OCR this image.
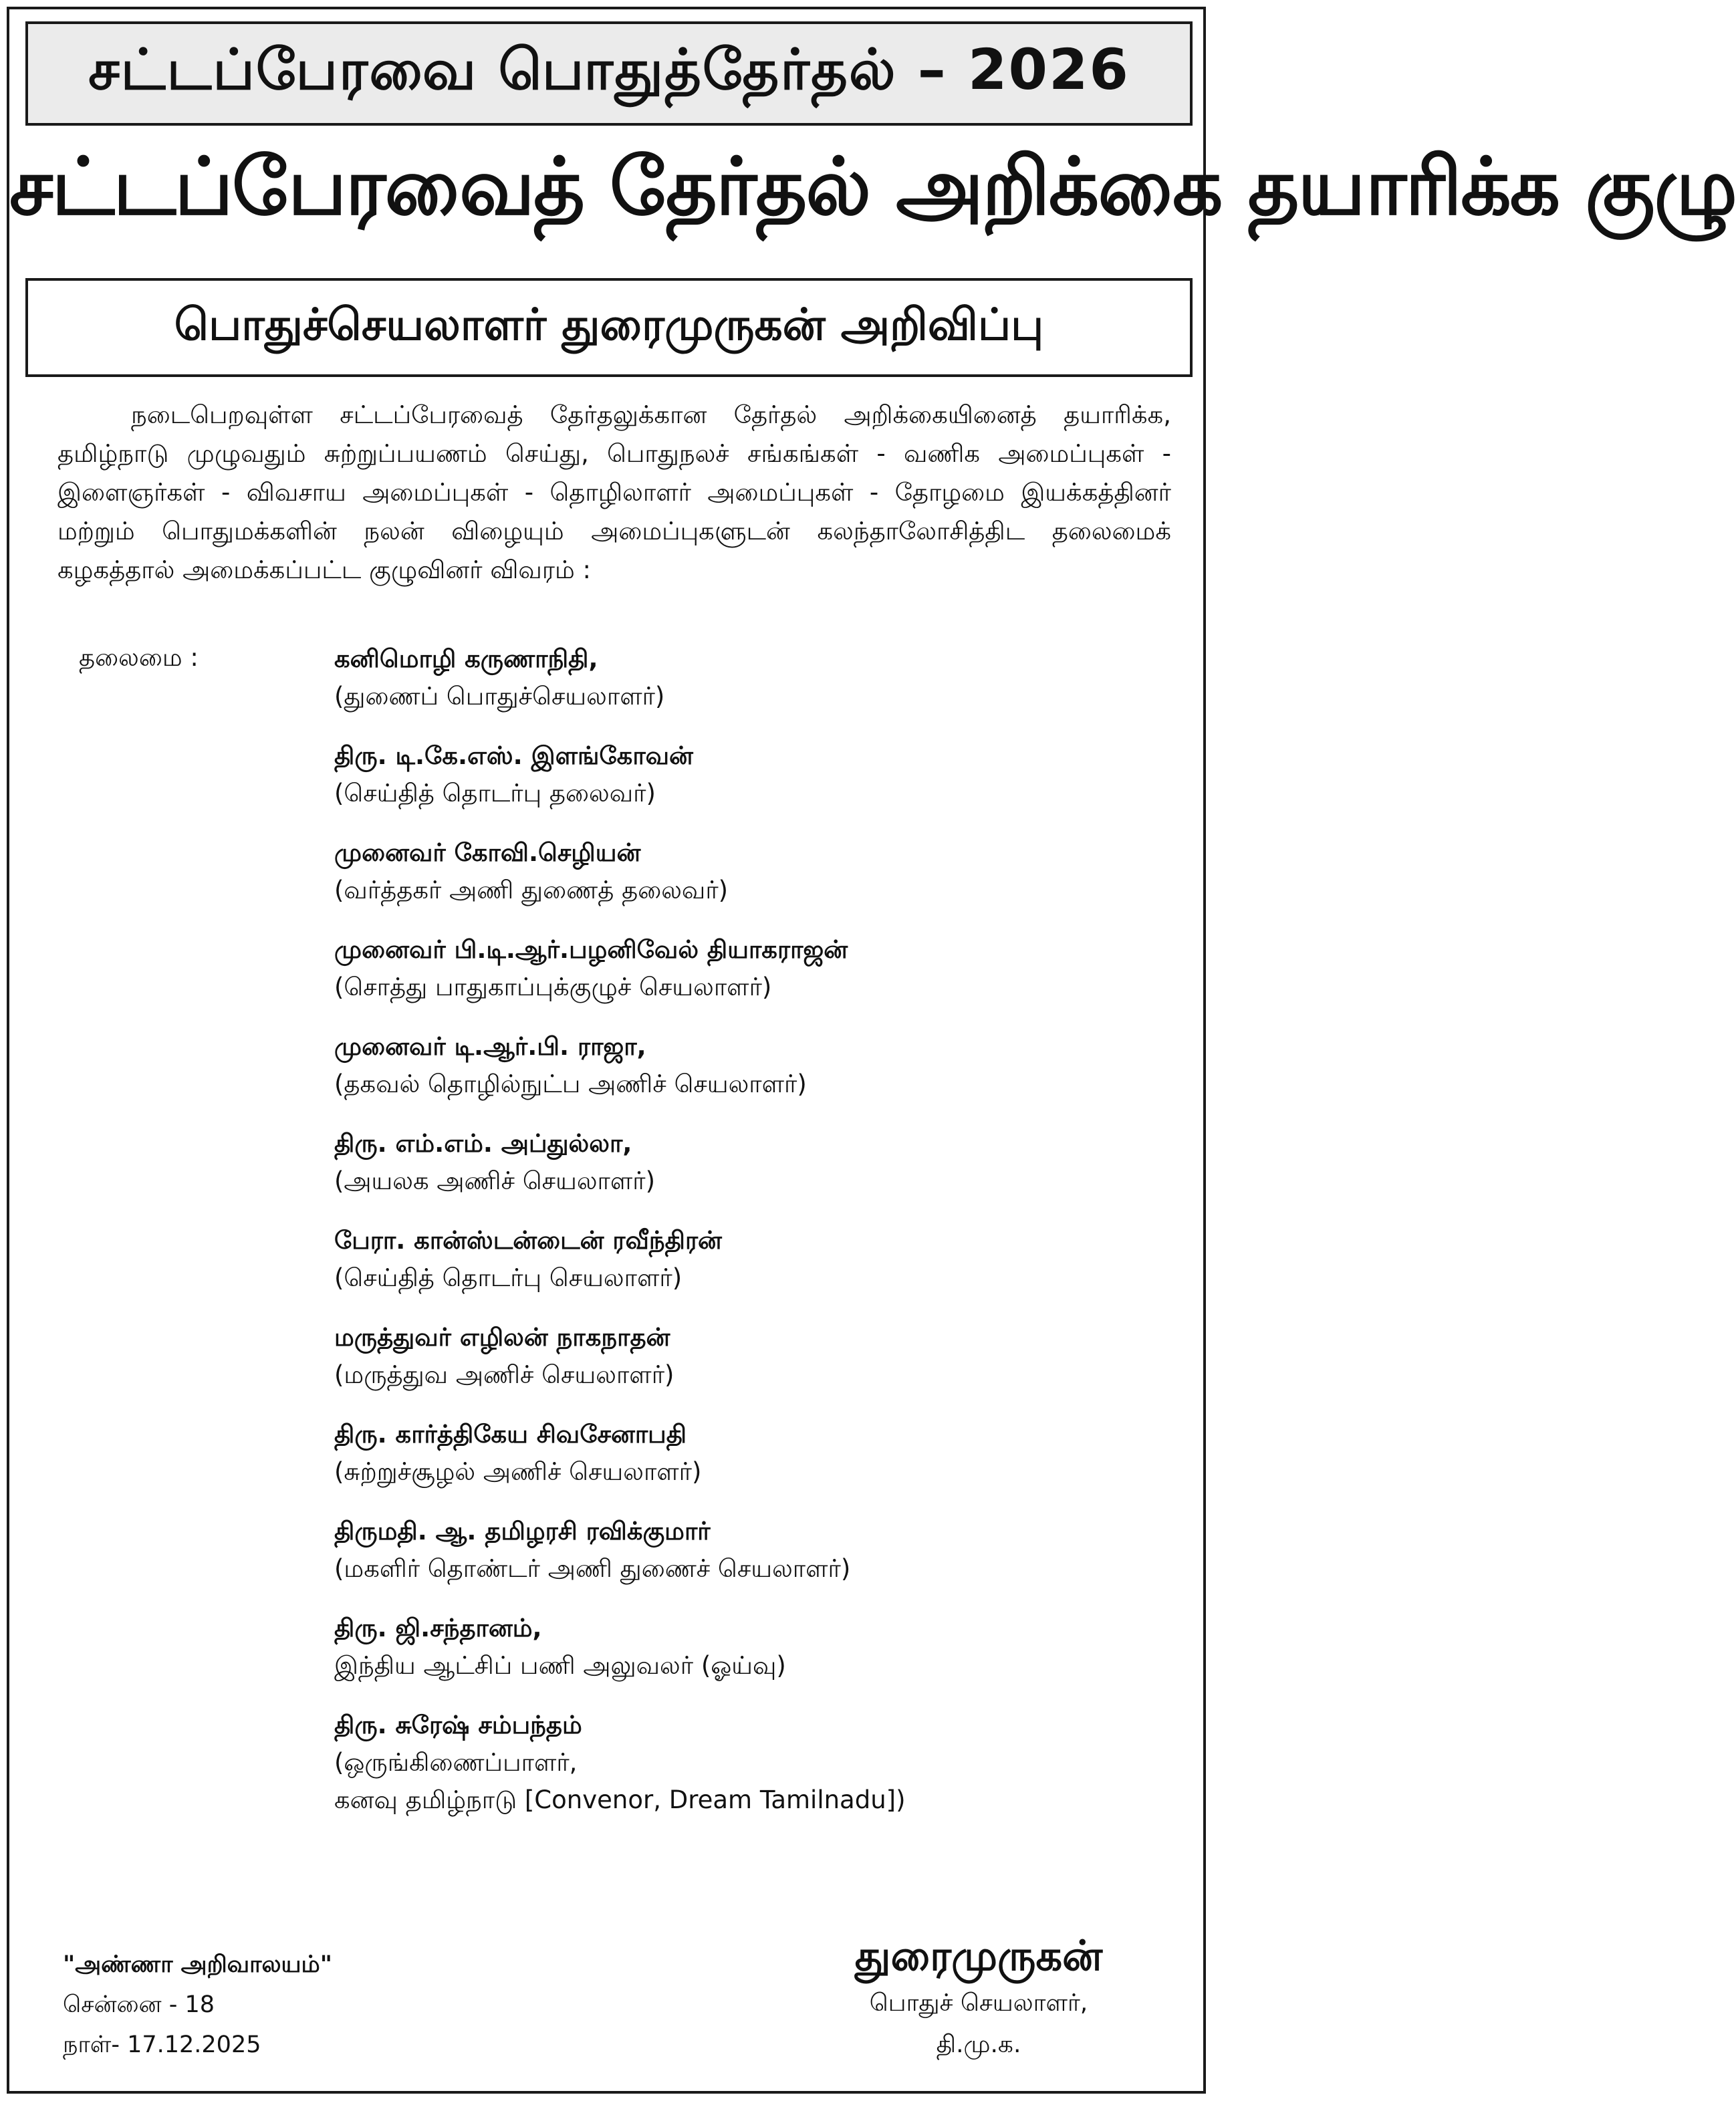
சட்டப்பேரவை பொதுத்தேர்தல் – 2026
சட்டப்பேரவைத் தேர்தல் அறிக்கை தயாரிக்க குழு
பொதுச்செயலாளர் துரைமுருகன் அறிவிப்பு

நடைபெறவுள்ள சட்டப்பேரவைத் தேர்தலுக்கான தேர்தல் அறிக்கையினைத் தயாரிக்க, தமிழ்நாடு முழுவதும் சுற்றுப்பயணம் செய்து, பொதுநலச் சங்கங்கள் - வணிக அமைப்புகள் - இளைஞர்கள் - விவசாய அமைப்புகள் - தொழிலாளர் அமைப்புகள் - தோழமை இயக்கத்தினர் மற்றும் பொதுமக்களின் நலன் விழையும் அமைப்புகளுடன் கலந்தாலோசித்திட தலைமைக் கழகத்தால் அமைக்கப்பட்ட குழுவினர் விவரம் :

தலைமை :	கனிமொழி கருணாநிதி,
(துணைப் பொதுச்செயலாளர்)
திரு. டி.கே.எஸ். இளங்கோவன்
(செய்தித் தொடர்பு தலைவர்)
முனைவர் கோவி.செழியன்
(வர்த்தகர் அணி துணைத் தலைவர்)
முனைவர் பி.டி.ஆர்.பழனிவேல் தியாகராஜன்
(சொத்து பாதுகாப்புக்குழுச் செயலாளர்)
முனைவர் டி.ஆர்.பி. ராஜா,
(தகவல் தொழில்நுட்ப அணிச் செயலாளர்)
திரு. எம்.எம். அப்துல்லா,
(அயலக அணிச் செயலாளர்)
பேரா. கான்ஸ்டன்டைன் ரவீந்திரன்
(செய்தித் தொடர்பு செயலாளர்)
மருத்துவர் எழிலன் நாகநாதன்
(மருத்துவ அணிச் செயலாளர்)
திரு. கார்த்திகேய சிவசேனாபதி
(சுற்றுச்சூழல் அணிச் செயலாளர்)
திருமதி. ஆ. தமிழரசி ரவிக்குமார்
(மகளிர் தொண்டர் அணி துணைச் செயலாளர்)
திரு. ஜி.சந்தானம்,
இந்திய ஆட்சிப் பணி அலுவலர் (ஓய்வு)
திரு. சுரேஷ் சம்பந்தம்
(ஒருங்கிணைப்பாளர்,
கனவு தமிழ்நாடு [Convenor, Dream Tamilnadu])
"அண்ணா அறிவாலயம்"
சென்னை - 18
நாள்- 17.12.2025
துரைமுருகன்
பொதுச் செயலாளர்,
தி.மு.க.
